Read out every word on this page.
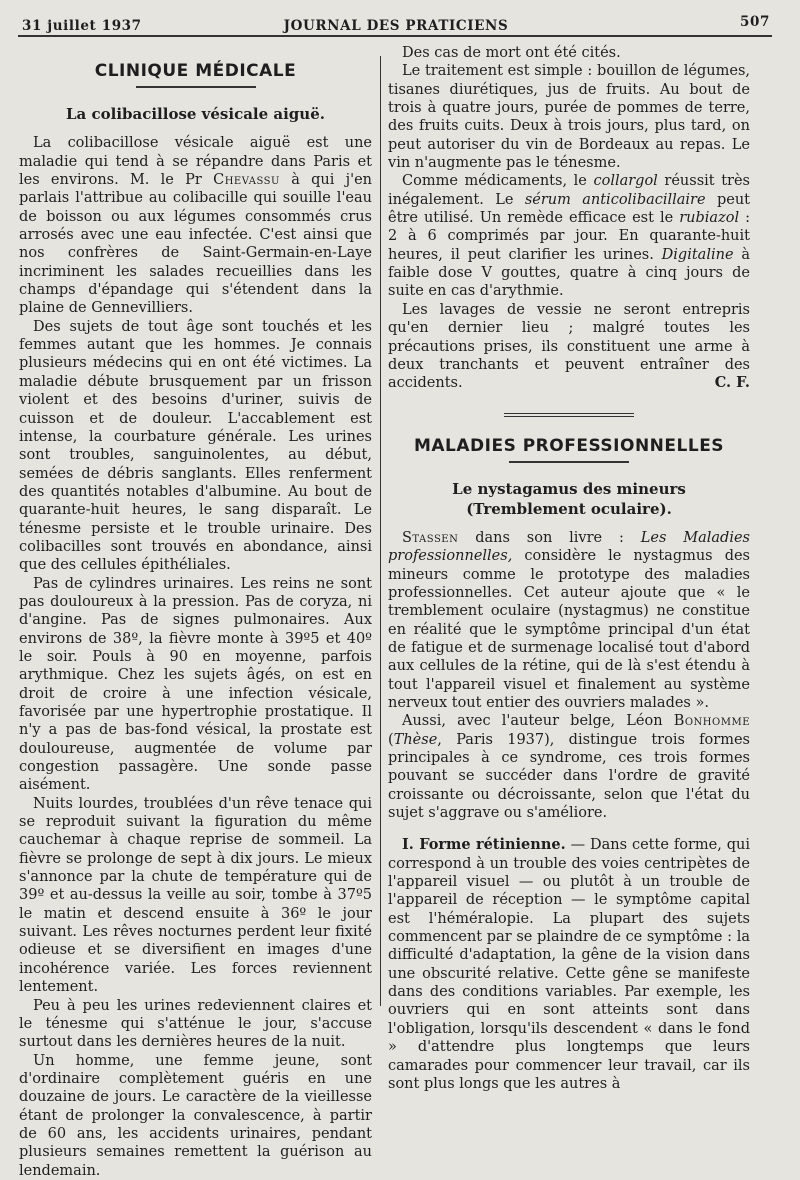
31 juillet 1937	JOURNAL DES PRATICIENS	507
CLINIQUE MÉDICALE
La colibacillose vésicale aiguë.

La colibacillose vésicale aiguë est une maladie qui tend à se répandre dans Paris et les environs. M. le Pr Chevassu à qui j'en parlais l'attribue au colibacille qui souille l'eau de boisson ou aux légumes consommés crus arrosés avec une eau infectée. C'est ainsi que nos confrères de Saint-Germain-en-Laye incriminent les salades recueillies dans les champs d'épandage qui s'étendent dans la plaine de Gennevilliers.

Des sujets de tout âge sont touchés et les femmes autant que les hommes. Je connais plusieurs médecins qui en ont été victimes. La maladie débute brusquement par un frisson violent et des besoins d'uriner, suivis de cuisson et de douleur. L'accablement est intense, la courbature générale. Les urines sont troubles, sanguinolentes, au début, semées de débris sanglants. Elles renferment des quantités notables d'albumine. Au bout de quarante-huit heures, le sang disparaît. Le ténesme persiste et le trouble urinaire. Des colibacilles sont trouvés en abondance, ainsi que des cellules épithéliales.

Pas de cylindres urinaires. Les reins ne sont pas douloureux à la pression. Pas de coryza, ni d'angine. Pas de signes pulmonaires. Aux environs de 38º, la fièvre monte à 39º5 et 40º le soir. Pouls à 90 en moyenne, parfois arythmique. Chez les sujets âgés, on est en droit de croire à une infection vésicale, favorisée par une hypertrophie prostatique. Il n'y a pas de bas-fond vésical, la prostate est douloureuse, augmentée de volume par congestion passagère. Une sonde passe aisément.

Nuits lourdes, troublées d'un rêve tenace qui se reproduit suivant la figuration du même cauchemar à chaque reprise de sommeil. La fièvre se prolonge de sept à dix jours. Le mieux s'annonce par la chute de température qui de 39º et au-dessus la veille au soir, tombe à 37º5 le matin et descend ensuite à 36º le jour suivant. Les rêves nocturnes perdent leur fixité odieuse et se diversifient en images d'une incohérence variée. Les forces reviennent lentement.

Peu à peu les urines redeviennent claires et le ténesme qui s'atténue le jour, s'accuse surtout dans les dernières heures de la nuit.

Un homme, une femme jeune, sont d'ordinaire complètement guéris en une douzaine de jours. Le caractère de la vieillesse étant de prolonger la convalescence, à partir de 60 ans, les accidents urinaires, pendant plusieurs semaines remettent la guérison au lendemain.

Des cas de mort ont été cités.

Le traitement est simple : bouillon de légumes, tisanes diurétiques, jus de fruits. Au bout de trois à quatre jours, purée de pommes de terre, des fruits cuits. Deux à trois jours, plus tard, on peut autoriser du vin de Bordeaux au repas. Le vin n'augmente pas le ténesme.

Comme médicaments, le collargol réussit très inégalement. Le sérum anticolibacillaire peut être utilisé. Un remède efficace est le rubiazol : 2 à 6 comprimés par jour. En quarante-huit heures, il peut clarifier les urines. Digitaline à faible dose V gouttes, quatre à cinq jours de suite en cas d'arythmie.

Les lavages de vessie ne seront entrepris qu'en dernier lieu ; malgré toutes les précautions prises, ils constituent une arme à deux tranchants et peuvent entraîner des accidents.	C. F.

MALADIES PROFESSIONNELLES
Le nystagamus des mineurs
(Tremblement oculaire).

Stassen dans son livre : Les Maladies professionnelles, considère le nystagmus des mineurs comme le prototype des maladies professionnelles. Cet auteur ajoute que « le tremblement oculaire (nystagmus) ne constitue en réalité que le symptôme principal d'un état de fatigue et de surmenage localisé tout d'abord aux cellules de la rétine, qui de là s'est étendu à tout l'appareil visuel et finalement au système nerveux tout entier des ouvriers malades ».

Aussi, avec l'auteur belge, Léon Bonhomme (Thèse, Paris 1937), distingue trois formes principales à ce syndrome, ces trois formes pouvant se succéder dans l'ordre de gravité croissante ou décroissante, selon que l'état du sujet s'aggrave ou s'améliore.

I. Forme rétinienne. — Dans cette forme, qui correspond à un trouble des voies centripètes de l'appareil visuel — ou plutôt à un trouble de l'appareil de réception — le symptôme capital est l'héméralopie. La plupart des sujets commencent par se plaindre de ce symptôme : la difficulté d'adaptation, la gêne de la vision dans une obscurité relative. Cette gêne se manifeste dans des conditions variables. Par exemple, les ouvriers qui en sont atteints sont dans l'obligation, lorsqu'ils descendent « dans le fond » d'attendre plus longtemps que leurs camarades pour commencer leur travail, car ils sont plus longs que les autres à
